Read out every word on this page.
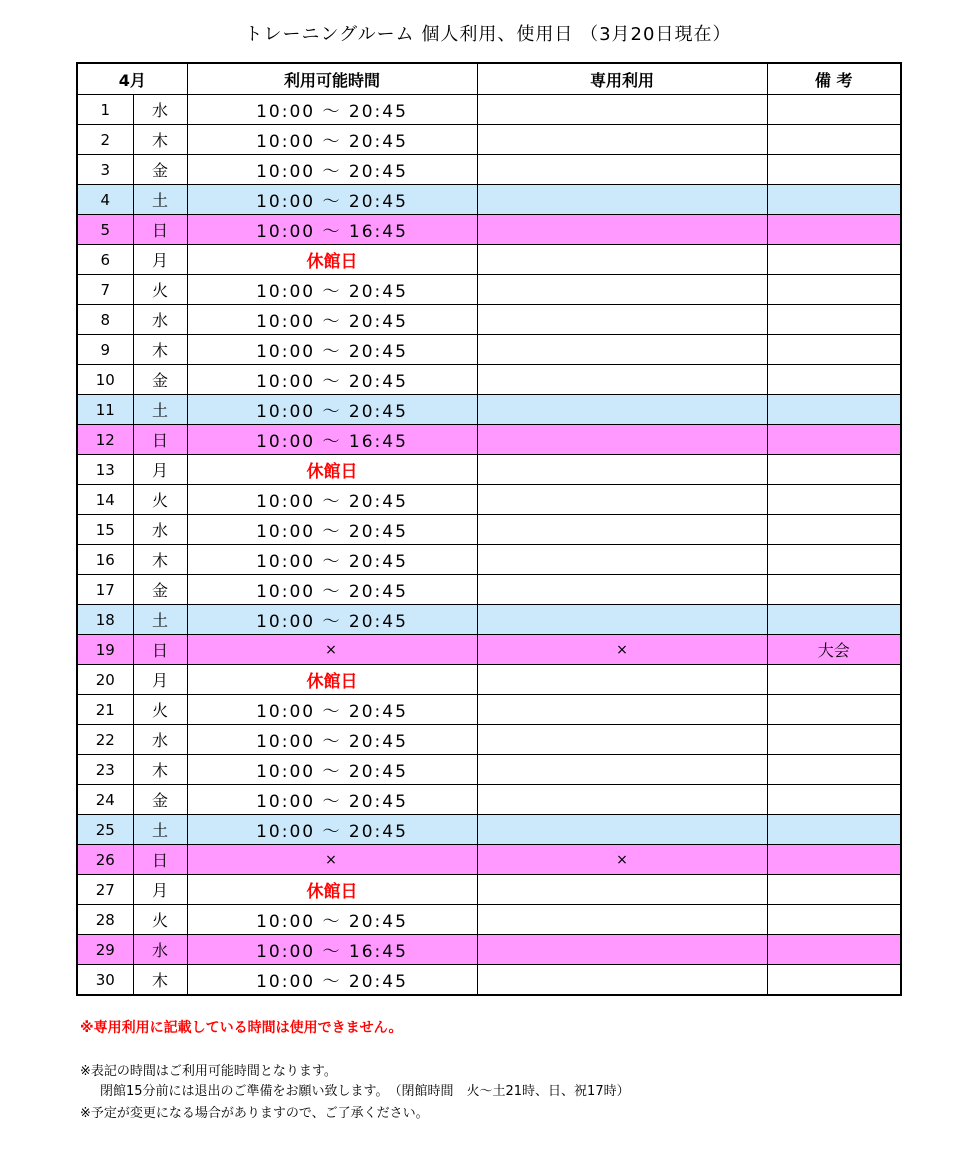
トレーニングルーム 個人利用、使用日 （3月20日現在）
4月		利用可能時間	専用利用	備 考
1	水	10:00 ～ 20:45		
2	木	10:00 ～ 20:45		
3	金	10:00 ～ 20:45		
4	土	10:00 ～ 20:45		
5	日	10:00 ～ 16:45		
6	月	休館日		
7	火	10:00 ～ 20:45		
8	水	10:00 ～ 20:45		
9	木	10:00 ～ 20:45		
10	金	10:00 ～ 20:45		
11	土	10:00 ～ 20:45		
12	日	10:00 ～ 16:45		
13	月	休館日		
14	火	10:00 ～ 20:45		
15	水	10:00 ～ 20:45		
16	木	10:00 ～ 20:45		
17	金	10:00 ～ 20:45		
18	土	10:00 ～ 20:45		
19	日	×	×	大会
20	月	休館日		
21	火	10:00 ～ 20:45		
22	水	10:00 ～ 20:45		
23	木	10:00 ～ 20:45		
24	金	10:00 ～ 20:45		
25	土	10:00 ～ 20:45		
26	日	×	×	
27	月	休館日		
28	火	10:00 ～ 20:45		
29	水	10:00 ～ 16:45		
30	木	10:00 ～ 20:45		
※専用利用に記載している時間は使用できません。
※表記の時間はご利用可能時間となります。
閉館15分前には退出のご準備をお願い致します。　（閉館時間　火～土21時、日、祝17時）
※予定が変更になる場合がありますので、ご了承ください。
